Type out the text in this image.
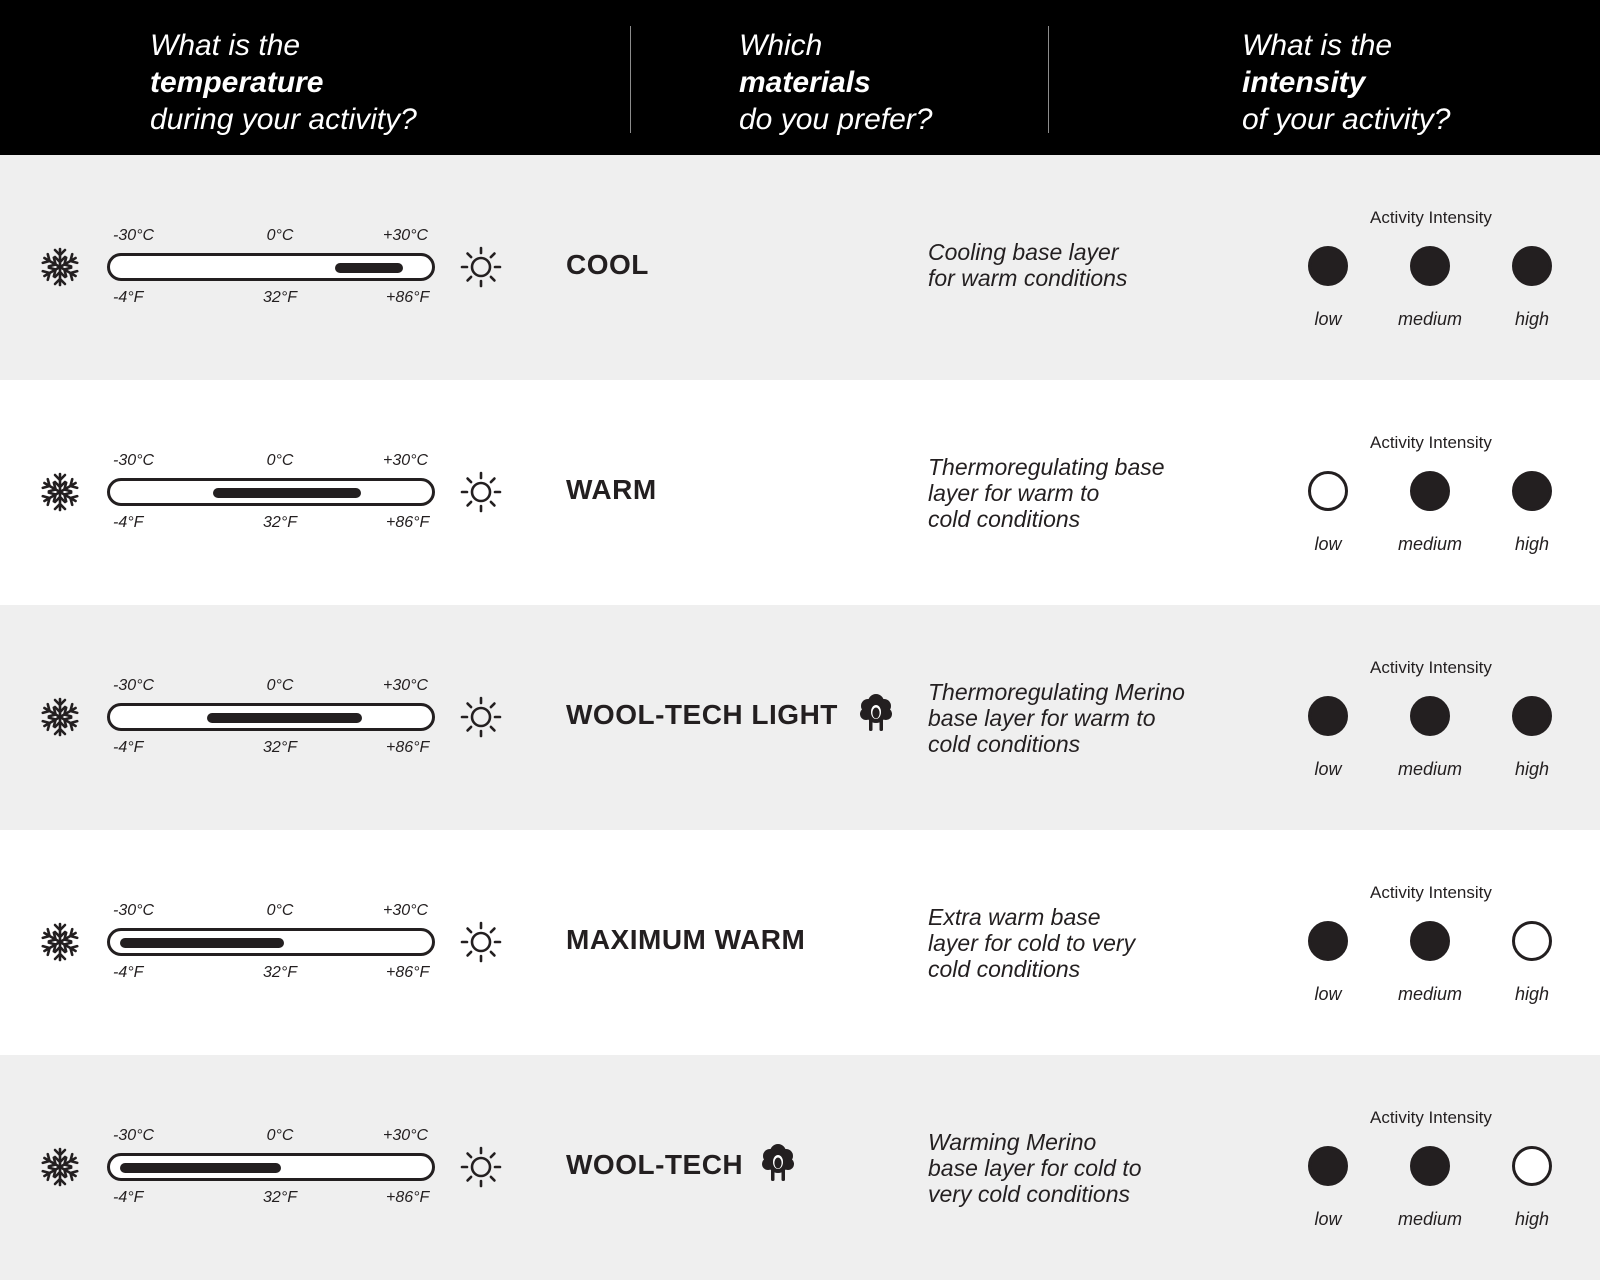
What is the
temperature
during your activity?
Which
materials
do you prefer?
What is the
intensity
of your activity?
-30°C	0°C	+30°C
-4°F	32°F	+86°F
COOL	Cooling base layer
for warm conditions
Activity Intensity
low	medium	high
-30°C	0°C	+30°C
-4°F	32°F	+86°F
WARM
Thermoregulating base
layer for warm to
cold conditions
Activity Intensity
low	medium	high
-30°C	0°C	+30°C
-4°F	32°F	+86°F
WOOL-TECH LIGHT
Thermoregulating Merino
base layer for warm to
cold conditions
Activity Intensity
low	medium	high
-30°C	0°C	+30°C
-4°F	32°F	+86°F
MAXIMUM WARM
Extra warm base
layer for cold to very
cold conditions
Activity Intensity
low	medium	high
-30°C	0°C	+30°C
-4°F	32°F	+86°F
WOOL-TECH
Warming Merino
base layer for cold to
very cold conditions
Activity Intensity
low	medium	high
